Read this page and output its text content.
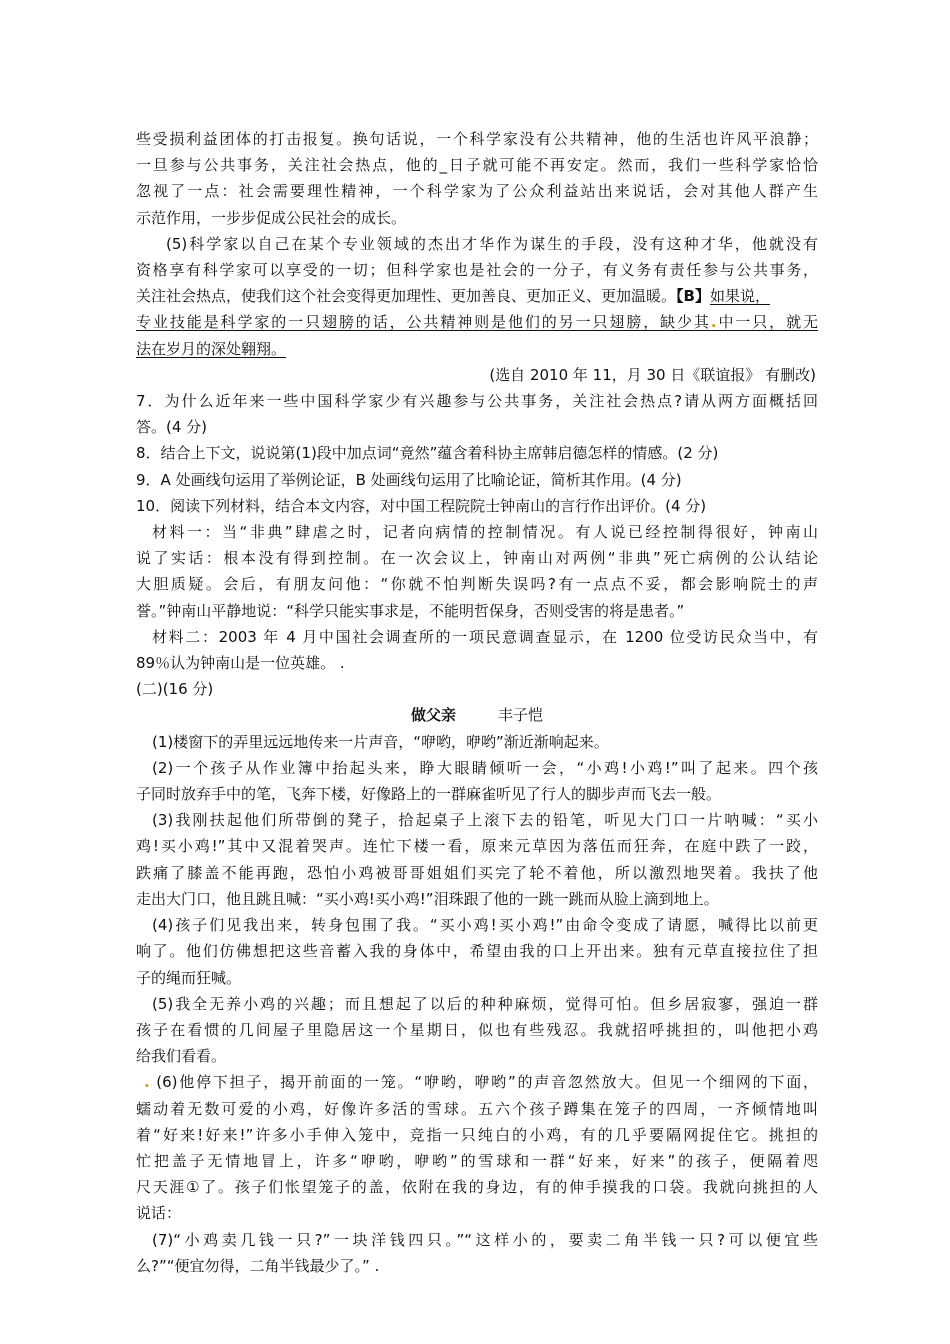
些受损利益团体的打击报复。换句话说，一个科学家没有公共精神，他的生活也许风平浪静；

一旦参与公共事务，关注社会热点，他的_日子就可能不再安定。然而，我们一些科学家恰恰

忽视了一点：社会需要理性精神，一个科学家为了公众利益站出来说话，会对其他人群产生

示范作用，一步步促成公民社会的成长。

(5)科学家以自己在某个专业领域的杰出才华作为谋生的手段，没有这种才华，他就没有

资格享有科学家可以享受的一切；但科学家也是社会的一分子，有义务有责任参与公共事务，

关注社会热点，使我们这个社会变得更加理性、更加善良、更加正义、更加温暖。【B】如果说，

专业技能是科学家的一只翅膀的话，公共精神则是他们的另一只翅膀，缺少其.中一只，就无

法在岁月的深处翱翔。

(选自 2010 年 11，月 30 日《联谊报》 有删改)

7．为什么近年来一些中国科学家少有兴趣参与公共事务，关注社会热点?请从两方面概括回

答。(4 分)

8．结合上下文，说说第(1)段中加点词“竟然”蕴含着科协主席韩启德怎样的情感。(2 分)

9．A 处画线句运用了举例论证，B 处画线句运用了比喻论证，简析其作用。(4 分)

10．阅读下列材料，结合本文内容，对中国工程院院士钟南山的言行作出评价。(4 分)

材料一：当“非典”肆虐之时，记者向病情的控制情况。有人说已经控制得很好，钟南山

说了实话：根本没有得到控制。在一次会议上，钟南山对两例“非典”死亡病例的公认结论

大胆质疑。会后，有朋友问他：“你就不怕判断失误吗?有一点点不妥，都会影响院士的声

誉。”钟南山平静地说：“科学只能实事求是，不能明哲保身，否则受害的将是患者。”

材料二：2003 年 4 月中国社会调查所的一项民意调查显示，在 1200 位受访民众当中，有

89％认为钟南山是一位英雄。 .

(二)(16 分)

做父亲	丰子恺

(1)楼窗下的弄里远远地传来一片声音，“咿哟，咿哟”渐近渐响起来。

(2)一个孩子从作业簿中抬起头来，睁大眼睛倾听一会，“小鸡!小鸡!”叫了起来。四个孩

子同时放弃手中的笔，飞奔下楼，好像路上的一群麻雀听见了行人的脚步声而飞去一般。

(3)我刚扶起他们所带倒的凳子，拾起桌子上滚下去的铅笔，听见大门口一片呐喊：“买小

鸡!买小鸡!”其中又混着哭声。连忙下楼一看，原来元草因为落伍而狂奔，在庭中跌了一跤，

跌痛了膝盖不能再跑，恐怕小鸡被哥哥姐姐们买完了轮不着他，所以激烈地哭着。我扶了他

走出大门口，他且跳且喊：“买小鸡!买小鸡!”泪珠跟了他的一跳一跳而从脸上滴到地上。

(4)孩子们见我出来，转身包围了我。“买小鸡!买小鸡!”由命令变成了请愿，喊得比以前更

响了。他们仿佛想把这些音蓄入我的身体中，希望由我的口上开出来。独有元草直接拉住了担

子的绳而狂喊。

(5)我全无养小鸡的兴趣；而且想起了以后的种种麻烦，觉得可怕。但乡居寂寥，强迫一群

孩子在看惯的几间屋子里隐居这一个星期日，似也有些残忍。我就招呼挑担的，叫他把小鸡

给我们看看。

. (6)他停下担子，揭开前面的一笼。“咿哟，咿哟”的声音忽然放大。但见一个细网的下面，

蠕动着无数可爱的小鸡，好像许多活的雪球。五六个孩子蹲集在笼子的四周，一齐倾情地叫

着“好来!好来!”许多小手伸入笼中，竞指一只纯白的小鸡，有的几乎要隔网捉住它。挑担的

忙把盖子无情地冒上，许多“咿哟，咿哟”的雪球和一群“好来，好来”的孩子，便隔着咫

尺天涯①了。孩子们怅望笼子的盖，依附在我的身边，有的伸手摸我的口袋。我就向挑担的人

说话：

(7)“小鸡卖几钱一只?”一块洋钱四只。”“这样小的，要卖二角半钱一只?可以便宜些

么?”“便宜勿得，二角半钱最少了。” .
